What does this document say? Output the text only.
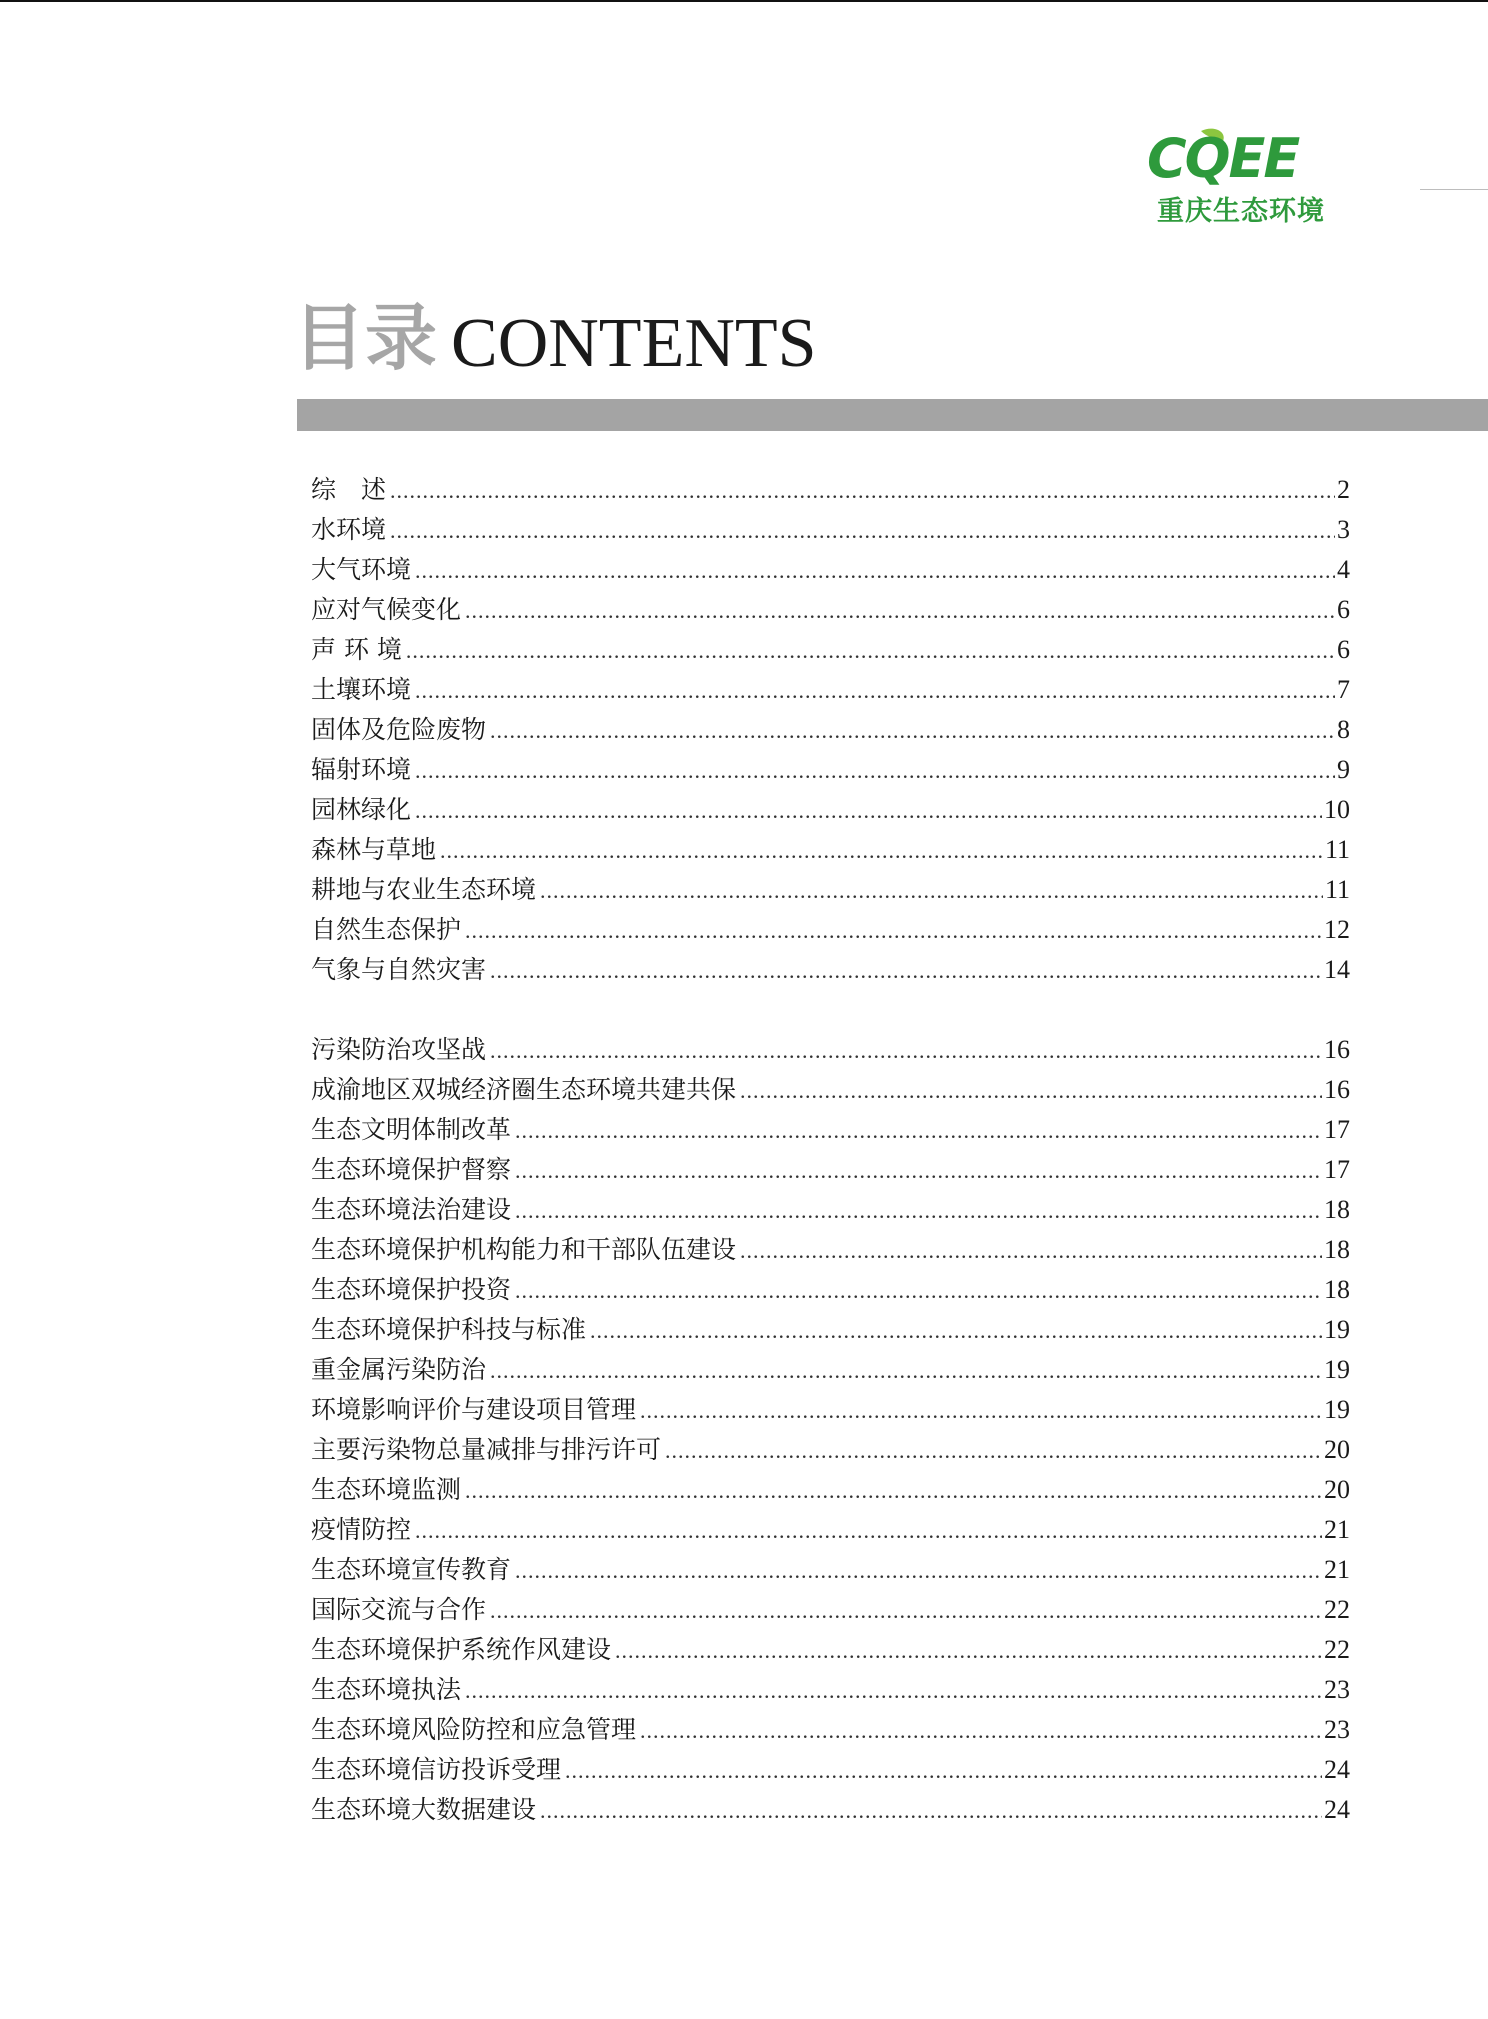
CQEE
重庆生态环境
目录 CONTENTS
综　述 .....	2
水环境 .....	3
大气环境 .....	4
应对气候变化 .....	6
声 环 境 .....	6
土壤环境 .....	7
固体及危险废物 .....	8
辐射环境 .....	9
园林绿化 .....	10
森林与草地 .....	11
耕地与农业生态环境 .....	11
自然生态保护 .....	12
气象与自然灾害 .....	14
污染防治攻坚战 .....	16
成渝地区双城经济圈生态环境共建共保 .....	16
生态文明体制改革 .....	17
生态环境保护督察 .....	17
生态环境法治建设 .....	18
生态环境保护机构能力和干部队伍建设 .....	18
生态环境保护投资 .....	18
生态环境保护科技与标准 .....	19
重金属污染防治 .....	19
环境影响评价与建设项目管理 .....	19
主要污染物总量减排与排污许可 .....	20
生态环境监测 .....	20
疫情防控 .....	21
生态环境宣传教育 .....	21
国际交流与合作 .....	22
生态环境保护系统作风建设 .....	22
生态环境执法 .....	23
生态环境风险防控和应急管理 .....	23
生态环境信访投诉受理 .....	24
生态环境大数据建设 .....	24
